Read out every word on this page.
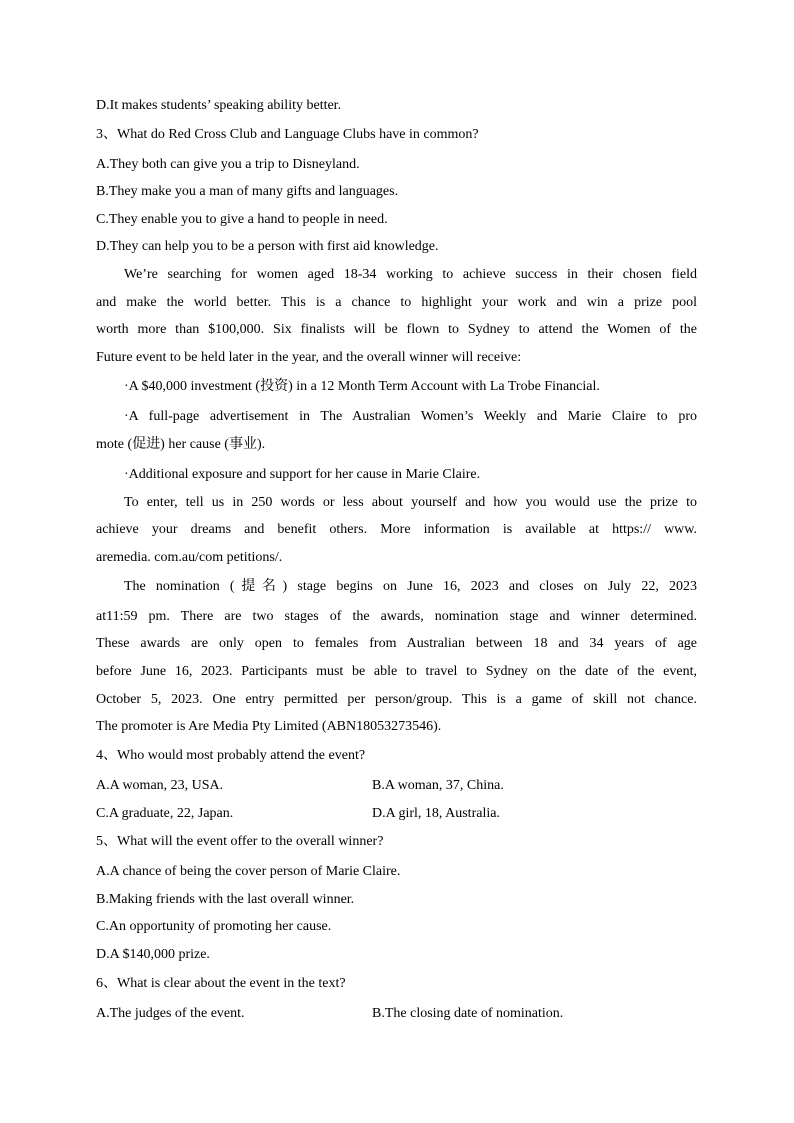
D.It makes students’ speaking ability better.
3、What do Red Cross Club and Language Clubs have in common?
A.They both can give you a trip to Disneyland.
B.They make you a man of many gifts and languages.
C.They enable you to give a hand to people in need.
D.They can help you to be a person with first aid knowledge.
We’re searching for women aged 18-34 working to achieve success in their chosen field
and make the world better. This is a chance to highlight your work and win a prize pool
worth more than $100,000. Six finalists will be flown to Sydney to attend the Women of the
Future event to be held later in the year, and the overall winner will receive:
·A $40,000 investment (投资) in a 12 Month Term Account with La Trobe Financial.
·A full-page advertisement in The Australian Women’s Weekly and Marie Claire to pro
mote (促进) her cause (事业).
·Additional exposure and support for her cause in Marie Claire.
To enter, tell us in 250 words or less about yourself and how you would use the prize to
achieve your dreams and benefit others. More information is available at https:// www.
aremedia. com.au/com petitions/.
The nomination (提名) stage begins on June 16, 2023 and closes on July 22, 2023
at11:59 pm. There are two stages of the awards, nomination stage and winner determined.
These awards are only open to females from Australian between 18 and 34 years of age
before June 16, 2023. Participants must be able to travel to Sydney on the date of the event,
October 5, 2023. One entry permitted per person/group. This is a game of skill not chance.
The promoter is Are Media Pty Limited (ABN18053273546).
4、Who would most probably attend the event?
A.A woman, 23, USA.	B.A woman, 37, China.
C.A graduate, 22, Japan.	D.A girl, 18, Australia.
5、What will the event offer to the overall winner?
A.A chance of being the cover person of Marie Claire.
B.Making friends with the last overall winner.
C.An opportunity of promoting her cause.
D.A $140,000 prize.
6、What is clear about the event in the text?
A.The judges of the event.	B.The closing date of nomination.
